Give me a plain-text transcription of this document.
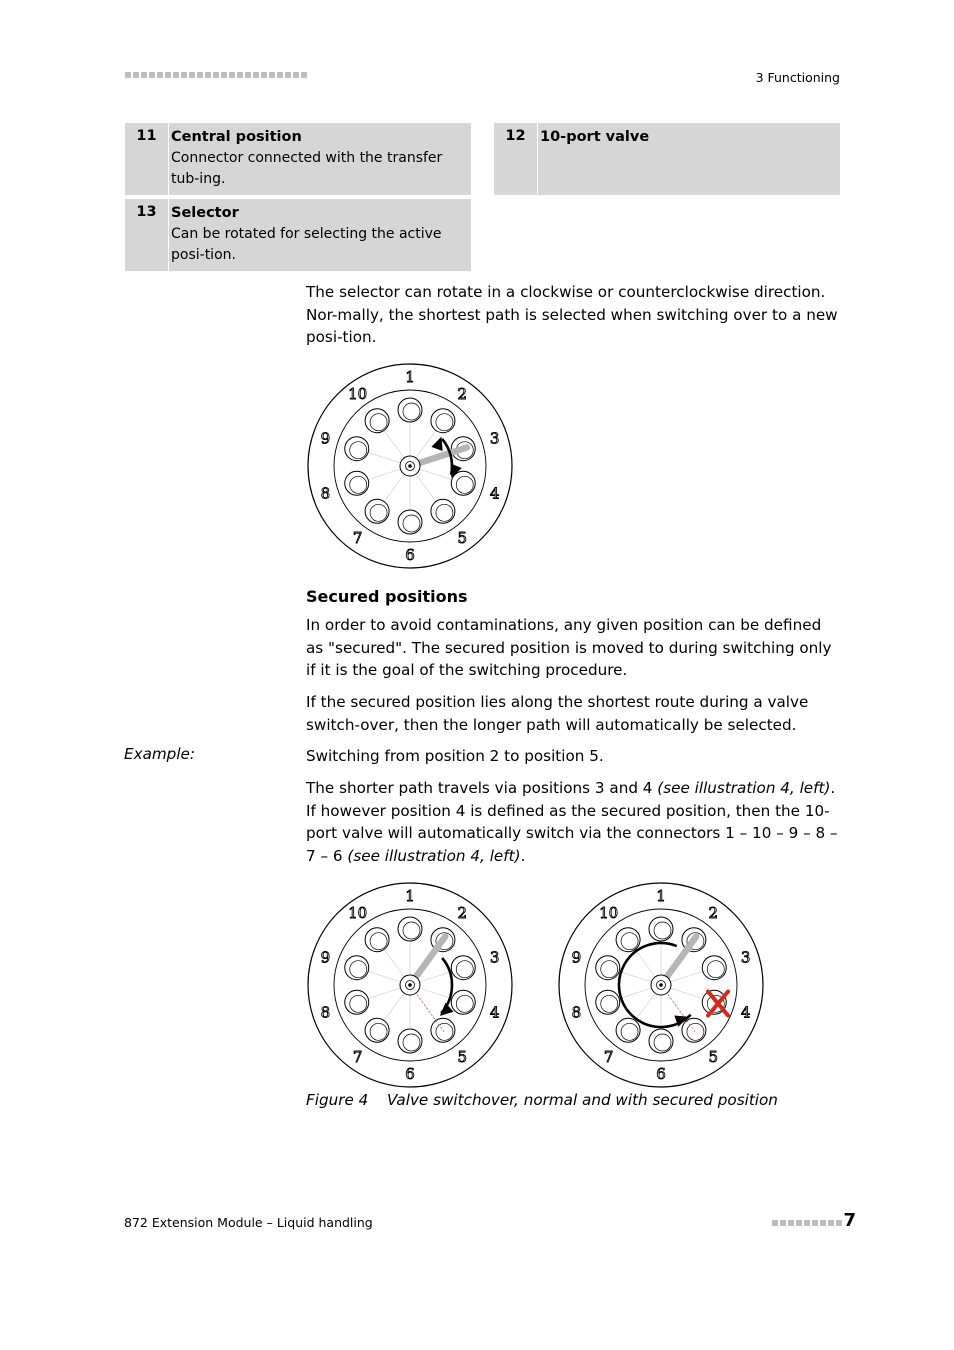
3 Functioning
11 Central position
Connector connected with the transfer tub-ing.
12 10-port valve
13 Selector
Can be rotated for selecting the active posi-tion.
The selector can rotate in a clockwise or counterclockwise direction. Nor-mally, the shortest path is selected when switching over to a new posi-tion.
1
2
3
4
5
6
7
8
9
10
Secured positions
In order to avoid contaminations, any given position can be defined as "secured". The secured position is moved to during switching only if it is the goal of the switching procedure.
If the secured position lies along the shortest route during a valve switch-over, then the longer path will automatically be selected.
Example:	Switching from position 2 to position 5.
The shorter path travels via positions 3 and 4 (see illustration 4, left). If however position 4 is defined as the secured position, then the 10-port valve will automatically switch via the connectors 1 – 10 – 9 – 8 – 7 – 6 (see illustration 4, left).
1
2
3
4
5
6
7
8
9
10
1
2
3
4
5
6
7
8
9
10
Figure 4 Valve switchover, normal and with secured position
872 Extension Module – Liquid handling	7
